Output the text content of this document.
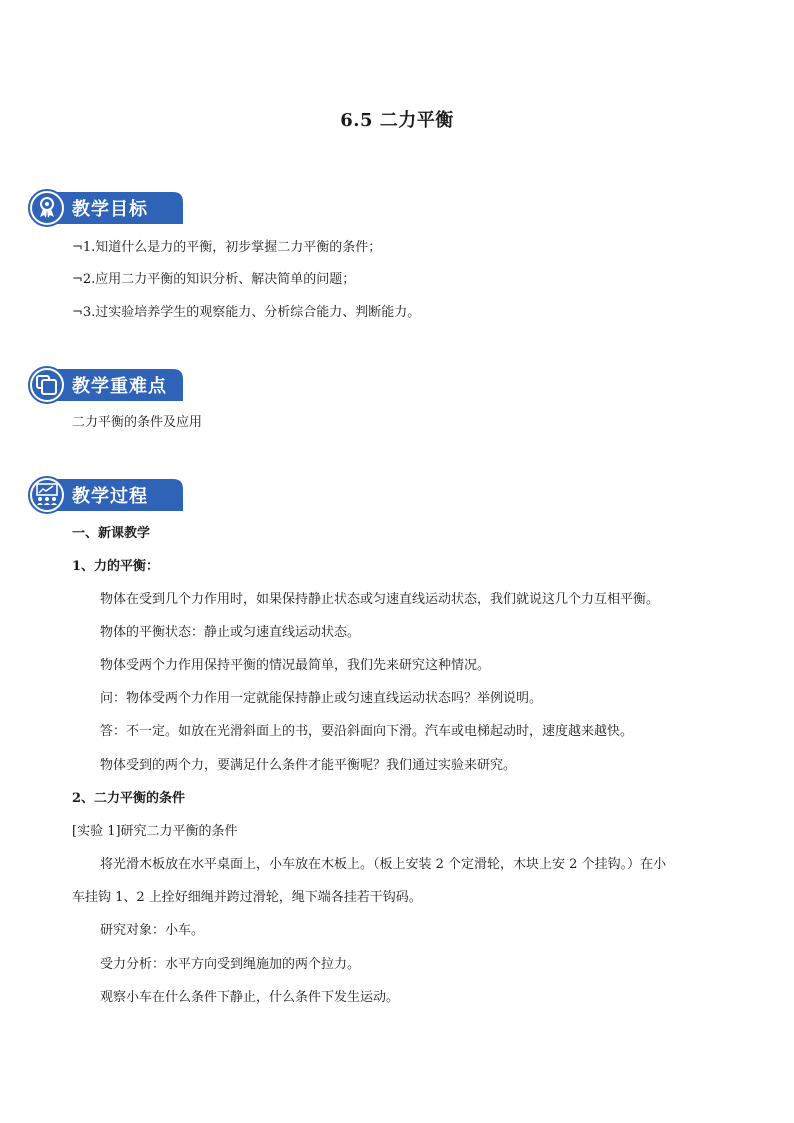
6.5 二力平衡
教学目标
¬1.知道什么是力的平衡，初步掌握二力平衡的条件；
¬2.应用二力平衡的知识分析、解决简单的问题；
¬3.过实验培养学生的观察能力、分析综合能力、判断能力。
教学重难点
二力平衡的条件及应用
教学过程
一、新课教学
1、力的平衡：
物体在受到几个力作用时，如果保持静止状态或匀速直线运动状态，我们就说这几个力互相平衡。
物体的平衡状态：静止或匀速直线运动状态。
物体受两个力作用保持平衡的情况最简单，我们先来研究这种情况。
问：物体受两个力作用一定就能保持静止或匀速直线运动状态吗？举例说明。
答：不一定。如放在光滑斜面上的书，要沿斜面向下滑。汽车或电梯起动时，速度越来越快。
物体受到的两个力，要满足什么条件才能平衡呢？我们通过实验来研究。
2、二力平衡的条件
[实验 1]研究二力平衡的条件
将光滑木板放在水平桌面上，小车放在木板上。（板上安装 2 个定滑轮，木块上安 2 个挂钩。）在小
车挂钩 1、2 上拴好细绳并跨过滑轮，绳下端各挂若干钩码。
研究对象：小车。
受力分析：水平方向受到绳施加的两个拉力。
观察小车在什么条件下静止，什么条件下发生运动。
